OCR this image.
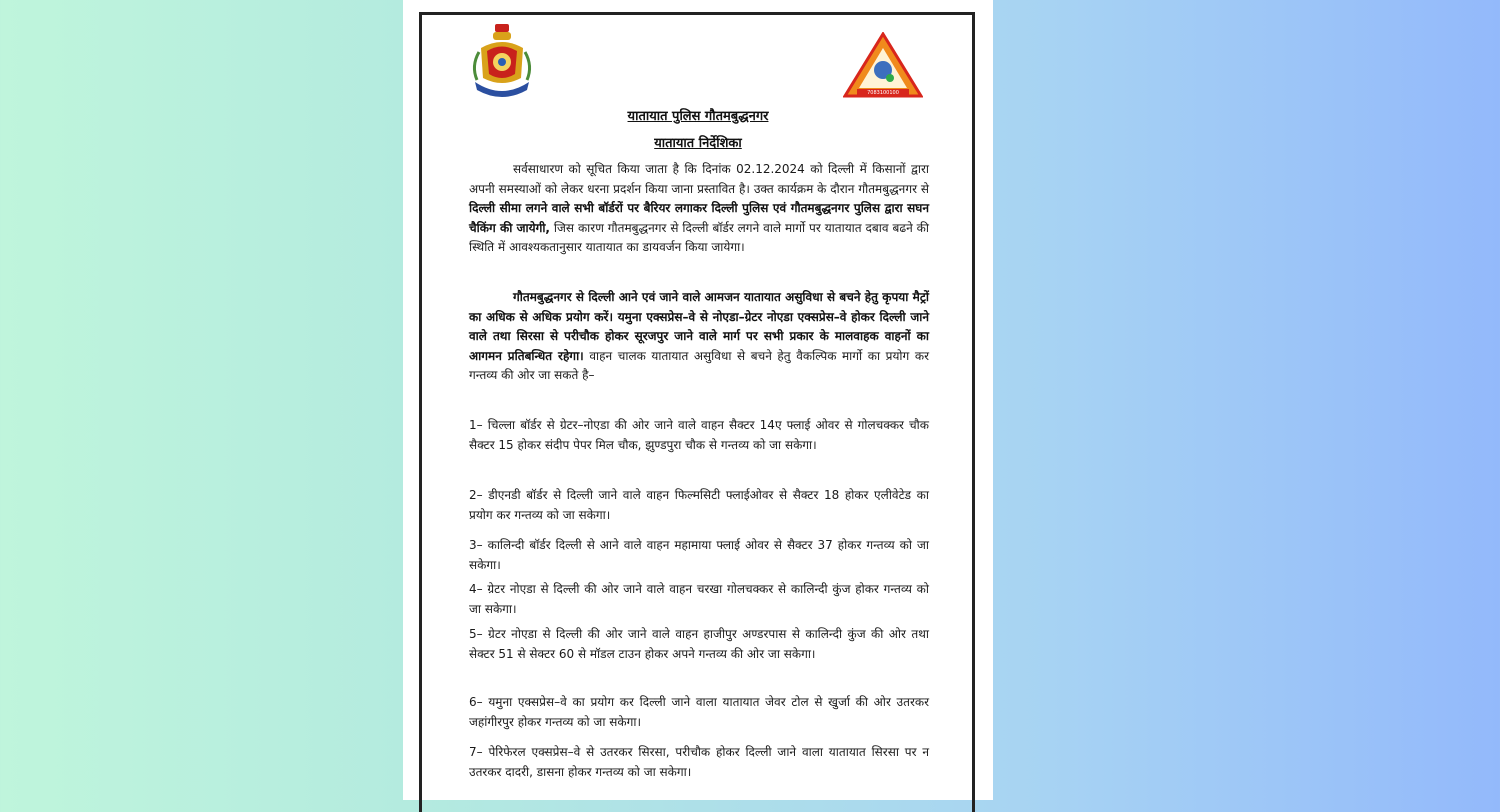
7083100100
यातायात पुलिस गौतमबुद्धनगर
यातायात निर्देशिका

सर्वसाधारण को सूचित किया जाता है कि दिनांक 02.12.2024 को दिल्ली में किसानों द्वारा अपनी समस्याओं को लेकर धरना प्रदर्शन किया जाना प्रस्तावित है। उक्त कार्यक्रम के दौरान गौतमबुद्धनगर से दिल्ली सीमा लगने वाले सभी बॉर्डरों पर बैरियर लगाकर दिल्ली पुलिस एवं गौतमबुद्धनगर पुलिस द्वारा सघन चैकिंग की जायेगी, जिस कारण गौतमबुद्धनगर से दिल्ली बॉर्डर लगने वाले मार्गो पर यातायात दबाव बढने की स्थिति में आवश्यकतानुसार यातायात का डायवर्जन किया जायेगा।

गौतमबुद्धनगर से दिल्ली आने एवं जाने वाले आमजन यातायात असुविधा से बचने हेतु कृपया मैट्रों का अधिक से अधिक प्रयोग करें। यमुना एक्सप्रेस–वे से नोएडा–ग्रेटर नोएडा एक्सप्रेस–वे होकर दिल्ली जाने वाले तथा सिरसा से परीचौक होकर सूरजपुर जाने वाले मार्ग पर सभी प्रकार के मालवाहक वाहनों का आगमन प्रतिबन्धित रहेगा। वाहन चालक यातायात असुविधा से बचने हेतु वैकल्पिक मार्गो का प्रयोग कर गन्तव्य की ओर जा सकते है–

1– चिल्ला बॉर्डर से ग्रेटर–नोएडा की ओर जाने वाले वाहन सैक्टर 14ए फ्लाई ओवर से गोलचक्कर चौक सैक्टर 15 होकर संदीप पेपर मिल चौक, झुण्डपुरा चौक से गन्तव्य को जा सकेगा।

2– डीएनडी बॉर्डर से दिल्ली जाने वाले वाहन फिल्मसिटी फ्लाईओवर से सैक्टर 18 होकर एलीवेटेड का प्रयोग कर गन्तव्य को जा सकेगा।

3– कालिन्दी बॉर्डर दिल्ली से आने वाले वाहन महामाया फ्लाई ओवर से सैक्टर 37 होकर गन्तव्य को जा सकेगा।

4– ग्रेटर नोएडा से दिल्ली की ओर जाने वाले वाहन चरखा गोलचक्कर से कालिन्दी कुंज होकर गन्तव्य को जा सकेगा।

5– ग्रेटर नोएडा से दिल्ली की ओर जाने वाले वाहन हाजीपुर अण्डरपास से कालिन्दी कुंज की ओर तथा सेक्टर 51 से सेक्टर 60 से मॉडल टाउन होकर अपने गन्तव्य की ओर जा सकेगा।

6– यमुना एक्सप्रेस–वे का प्रयोग कर दिल्ली जाने वाला यातायात जेवर टोल से खुर्जा की ओर उतरकर जहांगीरपुर होकर गन्तव्य को जा सकेगा।

7– पेरिफेरल एक्सप्रेस–वे से उतरकर सिरसा, परीचौक होकर दिल्ली जाने वाला यातायात सिरसा पर न उतरकर दादरी, डासना होकर गन्तव्य को जा सकेगा।
